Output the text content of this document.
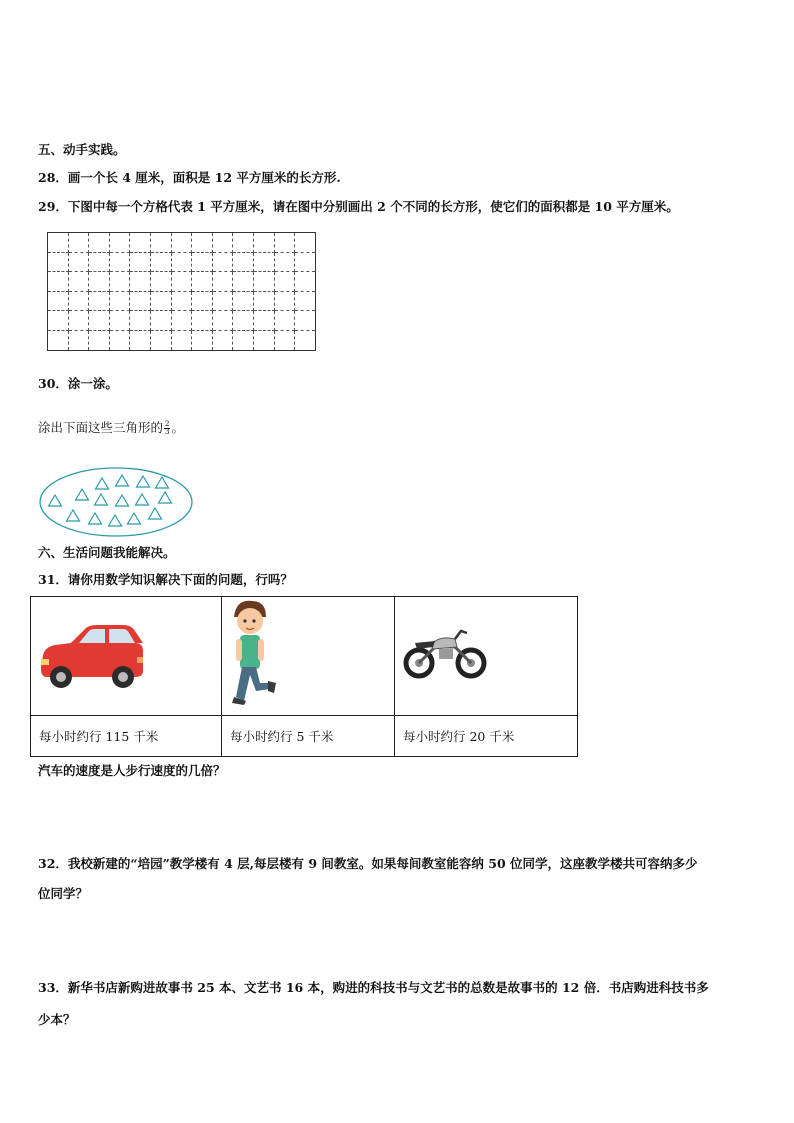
五、动手实践。
28．画一个长 4 厘米，面积是 12 平方厘米的长方形.
29．下图中每一个方格代表 1 平方厘米，请在图中分别画出 2 个不同的长方形，使它们的面积都是 10 平方厘米。

30．涂一涂。
涂出下面这些三角形的 $\frac{2}{3}$ 。
六、生活问题我能解决。
31．请你用数学知识解决下面的问题，行吗？

每小时约行 115 千米	每小时约行 5 千米	每小时约行 20 千米
汽车的速度是人步行速度的几倍？
32．我校新建的“培园”教学楼有 4 层,每层楼有 9 间教室。如果每间教室能容纳 50 位同学，这座教学楼共可容纳多少
位同学？
33．新华书店新购进故事书 25 本、文艺书 16 本，购进的科技书与文艺书的总数是故事书的 12 倍．书店购进科技书多
少本？
